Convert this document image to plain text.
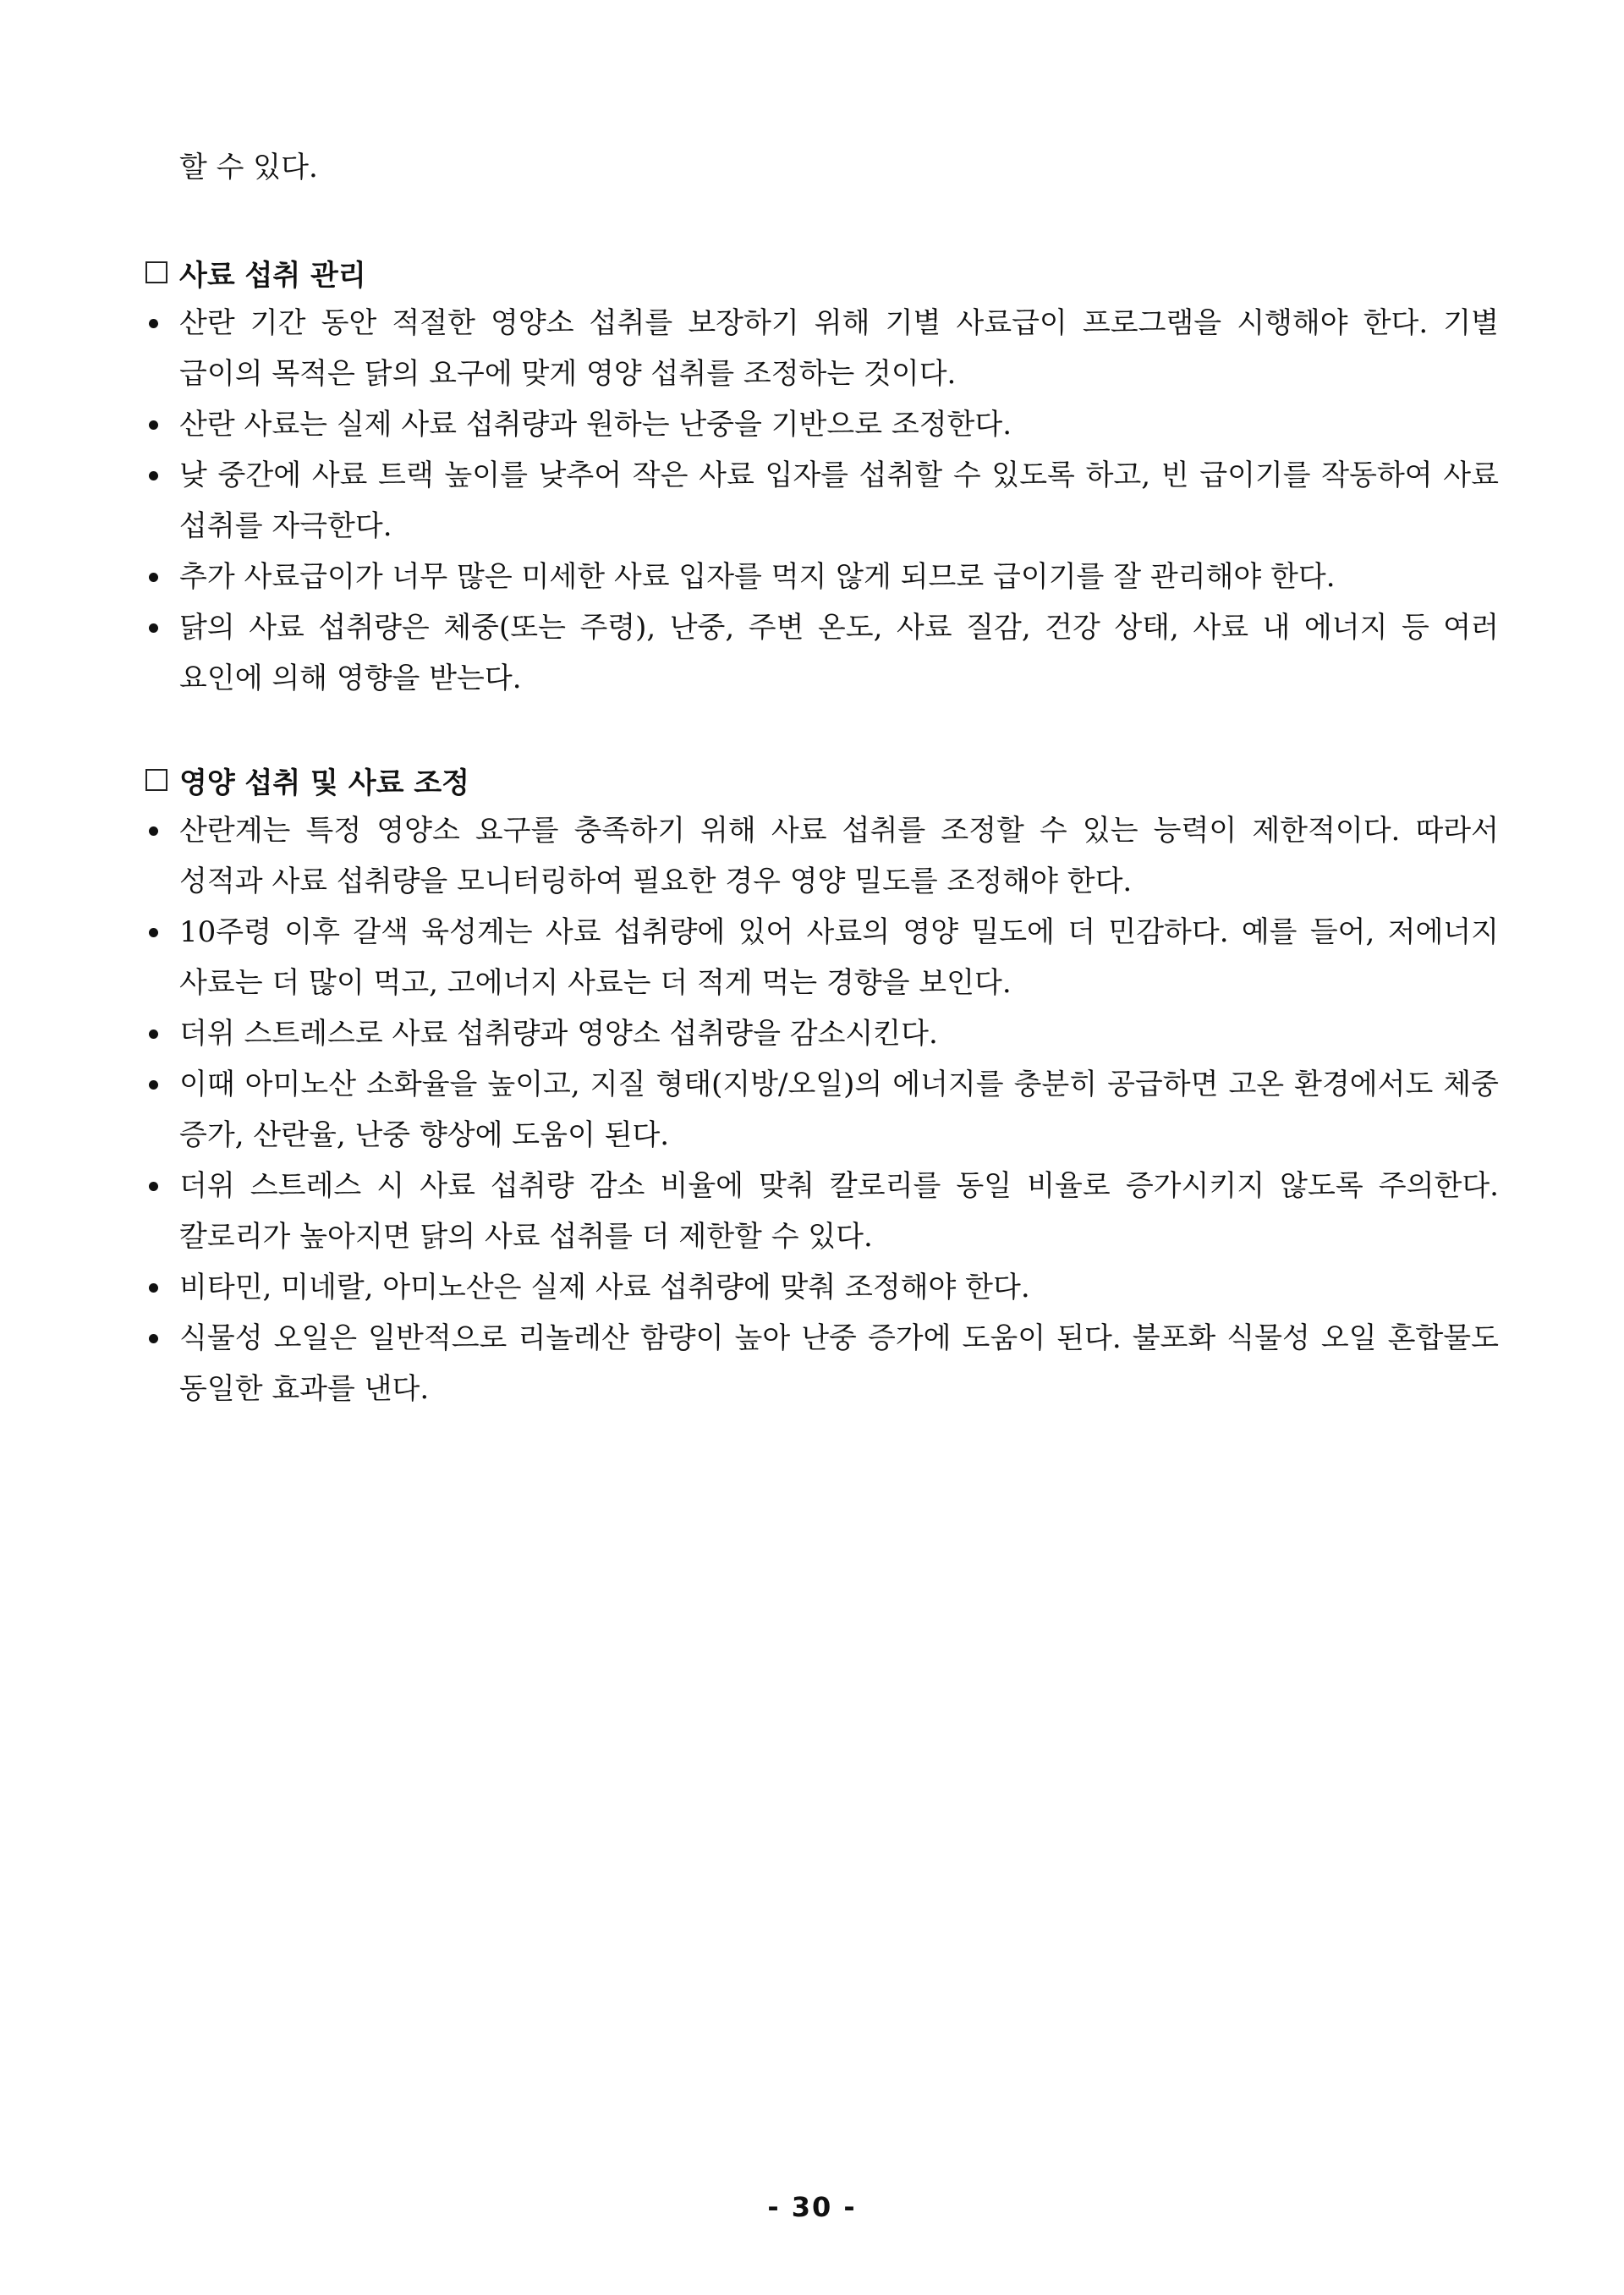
할 수 있다.
사료 섭취 관리
산란 기간 동안 적절한 영양소 섭취를 보장하기 위해 기별 사료급이 프로그램을 시행해야 한다. 기별 급이의 목적은 닭의 요구에 맞게 영양 섭취를 조정하는 것이다.
산란 사료는 실제 사료 섭취량과 원하는 난중을 기반으로 조정한다.
낮 중간에 사료 트랙 높이를 낮추어 작은 사료 입자를 섭취할 수 있도록 하고, 빈 급이기를 작동하여 사료 섭취를 자극한다.
추가 사료급이가 너무 많은 미세한 사료 입자를 먹지 않게 되므로 급이기를 잘 관리해야 한다.
닭의 사료 섭취량은 체중(또는 주령), 난중, 주변 온도, 사료 질감, 건강 상태, 사료 내 에너지 등 여러 요인에 의해 영향을 받는다.
영양 섭취 및 사료 조정
산란계는 특정 영양소 요구를 충족하기 위해 사료 섭취를 조정할 수 있는 능력이 제한적이다. 따라서 성적과 사료 섭취량을 모니터링하여 필요한 경우 영양 밀도를 조정해야 한다.
10주령 이후 갈색 육성계는 사료 섭취량에 있어 사료의 영양 밀도에 더 민감하다. 예를 들어, 저에너지 사료는 더 많이 먹고, 고에너지 사료는 더 적게 먹는 경향을 보인다.
더위 스트레스로 사료 섭취량과 영양소 섭취량을 감소시킨다.
이때 아미노산 소화율을 높이고, 지질 형태(지방/오일)의 에너지를 충분히 공급하면 고온 환경에서도 체중 증가, 산란율, 난중 향상에 도움이 된다.
더위 스트레스 시 사료 섭취량 감소 비율에 맞춰 칼로리를 동일 비율로 증가시키지 않도록 주의한다. 칼로리가 높아지면 닭의 사료 섭취를 더 제한할 수 있다.
비타민, 미네랄, 아미노산은 실제 사료 섭취량에 맞춰 조정해야 한다.
식물성 오일은 일반적으로 리놀레산 함량이 높아 난중 증가에 도움이 된다. 불포화 식물성 오일 혼합물도 동일한 효과를 낸다.
- 30 -
